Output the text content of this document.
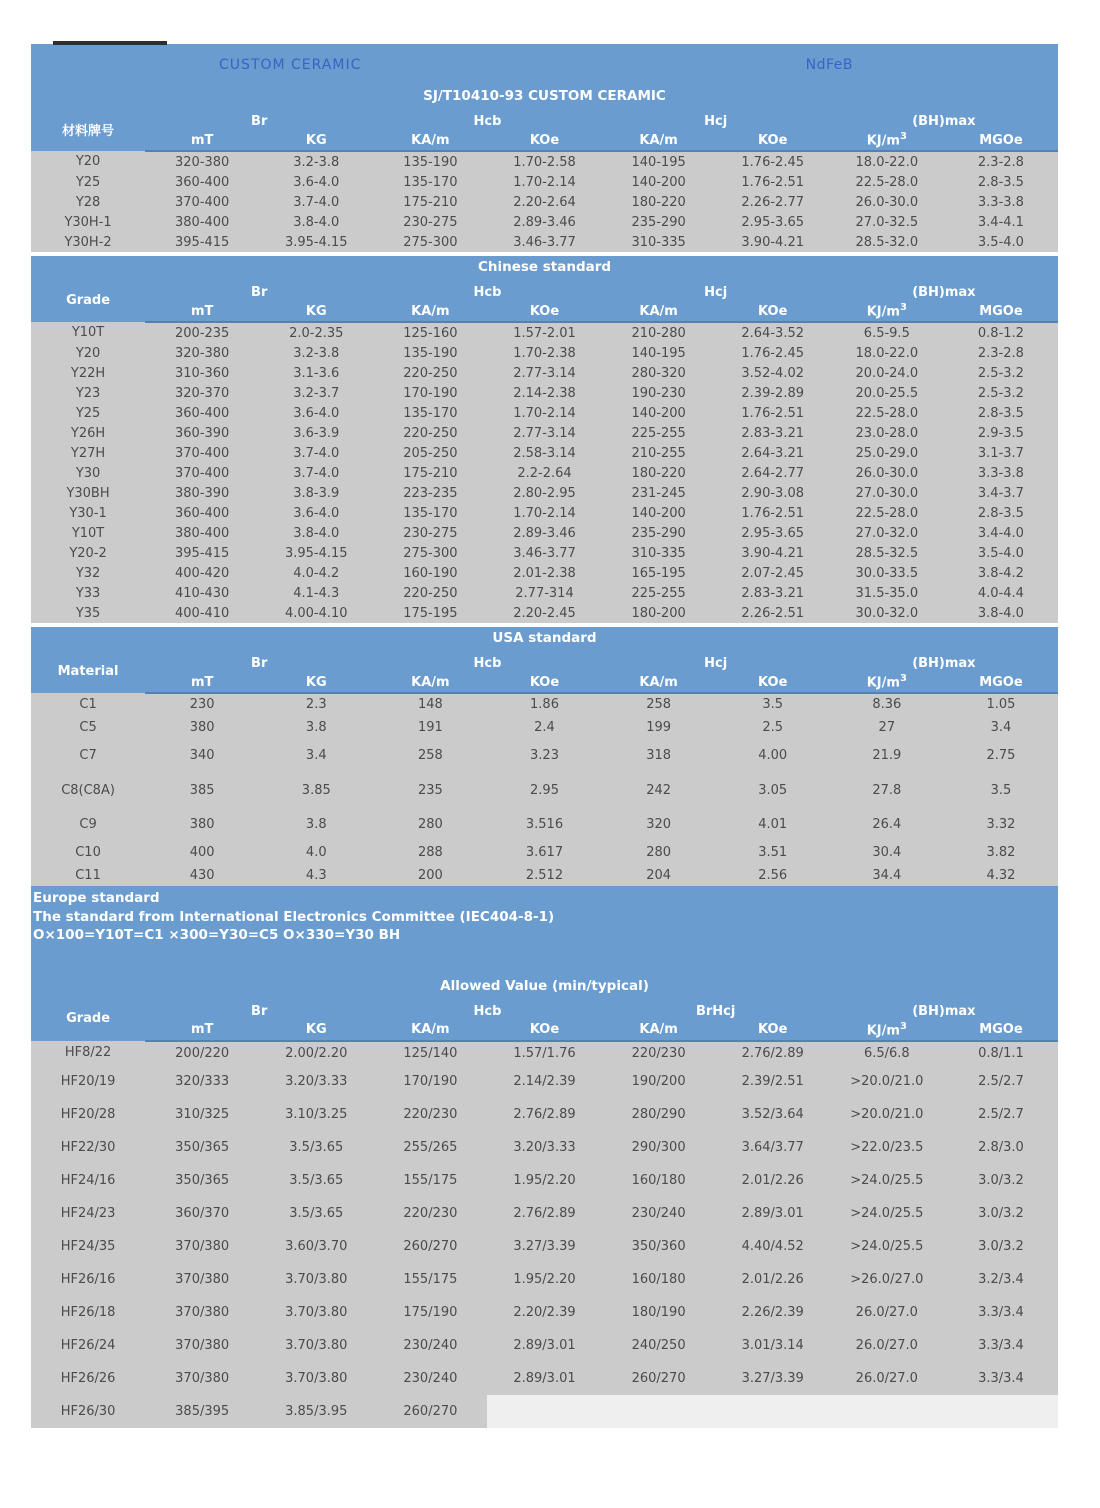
CUSTOM CERAMIC	NdFeB
SJ/T10410-93 CUSTOM CERAMIC								
材料牌号	Br		Hcb		Hcj		(BH)max	
	mT	KG	KA/m	KOe	KA/m	KOe	$KJ/m^3$	MGOe
Y20	320-380	3.2-3.8	135-190	1.70-2.58	140-195	1.76-2.45	18.0-22.0	2.3-2.8
Y25	360-400	3.6-4.0	135-170	1.70-2.14	140-200	1.76-2.51	22.5-28.0	2.8-3.5
Y28	370-400	3.7-4.0	175-210	2.20-2.64	180-220	2.26-2.77	26.0-30.0	3.3-3.8
Y30H-1	380-400	3.8-4.0	230-275	2.89-3.46	235-290	2.95-3.65	27.0-32.5	3.4-4.1
Y30H-2	395-415	3.95-4.15	275-300	3.46-3.77	310-335	3.90-4.21	28.5-32.0	3.5-4.0
Chinese standard								
Grade	Br		Hcb		Hcj		(BH)max	
	mT	KG	KA/m	KOe	KA/m	KOe	$KJ/m^3$	MGOe
Y10T	200-235	2.0-2.35	125-160	1.57-2.01	210-280	2.64-3.52	6.5-9.5	0.8-1.2
Y20	320-380	3.2-3.8	135-190	1.70-2.38	140-195	1.76-2.45	18.0-22.0	2.3-2.8
Y22H	310-360	3.1-3.6	220-250	2.77-3.14	280-320	3.52-4.02	20.0-24.0	2.5-3.2
Y23	320-370	3.2-3.7	170-190	2.14-2.38	190-230	2.39-2.89	20.0-25.5	2.5-3.2
Y25	360-400	3.6-4.0	135-170	1.70-2.14	140-200	1.76-2.51	22.5-28.0	2.8-3.5
Y26H	360-390	3.6-3.9	220-250	2.77-3.14	225-255	2.83-3.21	23.0-28.0	2.9-3.5
Y27H	370-400	3.7-4.0	205-250	2.58-3.14	210-255	2.64-3.21	25.0-29.0	3.1-3.7
Y30	370-400	3.7-4.0	175-210	2.2-2.64	180-220	2.64-2.77	26.0-30.0	3.3-3.8
Y30BH	380-390	3.8-3.9	223-235	2.80-2.95	231-245	2.90-3.08	27.0-30.0	3.4-3.7
Y30-1	360-400	3.6-4.0	135-170	1.70-2.14	140-200	1.76-2.51	22.5-28.0	2.8-3.5
Y10T	380-400	3.8-4.0	230-275	2.89-3.46	235-290	2.95-3.65	27.0-32.0	3.4-4.0
Y20-2	395-415	3.95-4.15	275-300	3.46-3.77	310-335	3.90-4.21	28.5-32.5	3.5-4.0
Y32	400-420	4.0-4.2	160-190	2.01-2.38	165-195	2.07-2.45	30.0-33.5	3.8-4.2
Y33	410-430	4.1-4.3	220-250	2.77-314	225-255	2.83-3.21	31.5-35.0	4.0-4.4
Y35	400-410	4.00-4.10	175-195	2.20-2.45	180-200	2.26-2.51	30.0-32.0	3.8-4.0
USA standard								
Material	Br		Hcb		Hcj		(BH)max	
	mT	KG	KA/m	KOe	KA/m	KOe	$KJ/m^3$	MGOe
C1	230	2.3	148	1.86	258	3.5	8.36	1.05
C5	380	3.8	191	2.4	199	2.5	27	3.4
C7	340	3.4	258	3.23	318	4.00	21.9	2.75
C8(C8A)	385	3.85	235	2.95	242	3.05	27.8	3.5
C9	380	3.8	280	3.516	320	4.01	26.4	3.32
C10	400	4.0	288	3.617	280	3.51	30.4	3.82
C11	430	4.3	200	2.512	204	2.56	34.4	4.32
Europe standard
The standard from International Electronics Committee (IEC404-8-1)
O×100=Y10T=C1 ×300=Y30=C5 O×330=Y30 BH
Allowed Value (min/typical)								
Grade	Br		Hcb		BrHcj		(BH)max	
	mT	KG	KA/m	KOe	KA/m	KOe	$KJ/m^3$	MGOe
HF8/22	200/220	2.00/2.20	125/140	1.57/1.76	220/230	2.76/2.89	6.5/6.8	0.8/1.1
HF20/19	320/333	3.20/3.33	170/190	2.14/2.39	190/200	2.39/2.51	>20.0/21.0	2.5/2.7
HF20/28	310/325	3.10/3.25	220/230	2.76/2.89	280/290	3.52/3.64	>20.0/21.0	2.5/2.7
HF22/30	350/365	3.5/3.65	255/265	3.20/3.33	290/300	3.64/3.77	>22.0/23.5	2.8/3.0
HF24/16	350/365	3.5/3.65	155/175	1.95/2.20	160/180	2.01/2.26	>24.0/25.5	3.0/3.2
HF24/23	360/370	3.5/3.65	220/230	2.76/2.89	230/240	2.89/3.01	>24.0/25.5	3.0/3.2
HF24/35	370/380	3.60/3.70	260/270	3.27/3.39	350/360	4.40/4.52	>24.0/25.5	3.0/3.2
HF26/16	370/380	3.70/3.80	155/175	1.95/2.20	160/180	2.01/2.26	>26.0/27.0	3.2/3.4
HF26/18	370/380	3.70/3.80	175/190	2.20/2.39	180/190	2.26/2.39	26.0/27.0	3.3/3.4
HF26/24	370/380	3.70/3.80	230/240	2.89/3.01	240/250	3.01/3.14	26.0/27.0	3.3/3.4
HF26/26	370/380	3.70/3.80	230/240	2.89/3.01	260/270	3.27/3.39	26.0/27.0	3.3/3.4
HF26/30	385/395	3.85/3.95	260/270					
